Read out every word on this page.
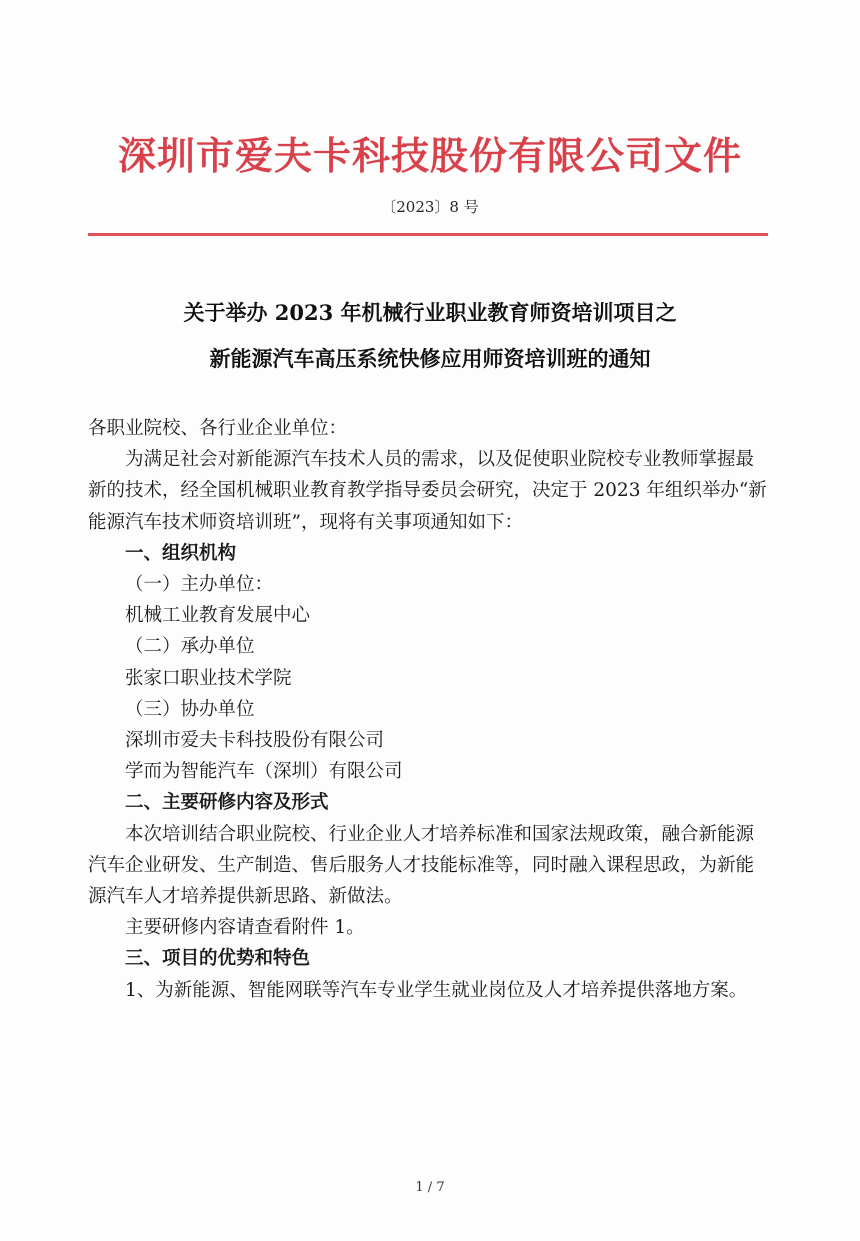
深圳市爱夫卡科技股份有限公司文件
〔2023〕8 号
关于举办 2023 年机械行业职业教育师资培训项目之
新能源汽车高压系统快修应用师资培训班的通知

各职业院校、各行业企业单位：

为满足社会对新能源汽车技术人员的需求，以及促使职业院校专业教师掌握最新的技术，经全国机械职业教育教学指导委员会研究，决定于 2023 年组织举办“新能源汽车技术师资培训班”，现将有关事项通知如下：

一、组织机构

（一）主办单位：

机械工业教育发展中心

（二）承办单位

张家口职业技术学院

（三）协办单位

深圳市爱夫卡科技股份有限公司

学而为智能汽车（深圳）有限公司

二、主要研修内容及形式

本次培训结合职业院校、行业企业人才培养标准和国家法规政策，融合新能源汽车企业研发、生产制造、售后服务人才技能标准等，同时融入课程思政，为新能源汽车人才培养提供新思路、新做法。

主要研修内容请查看附件 1。

三、项目的优势和特色

1、为新能源、智能网联等汽车专业学生就业岗位及人才培养提供落地方案。

1 / 7
